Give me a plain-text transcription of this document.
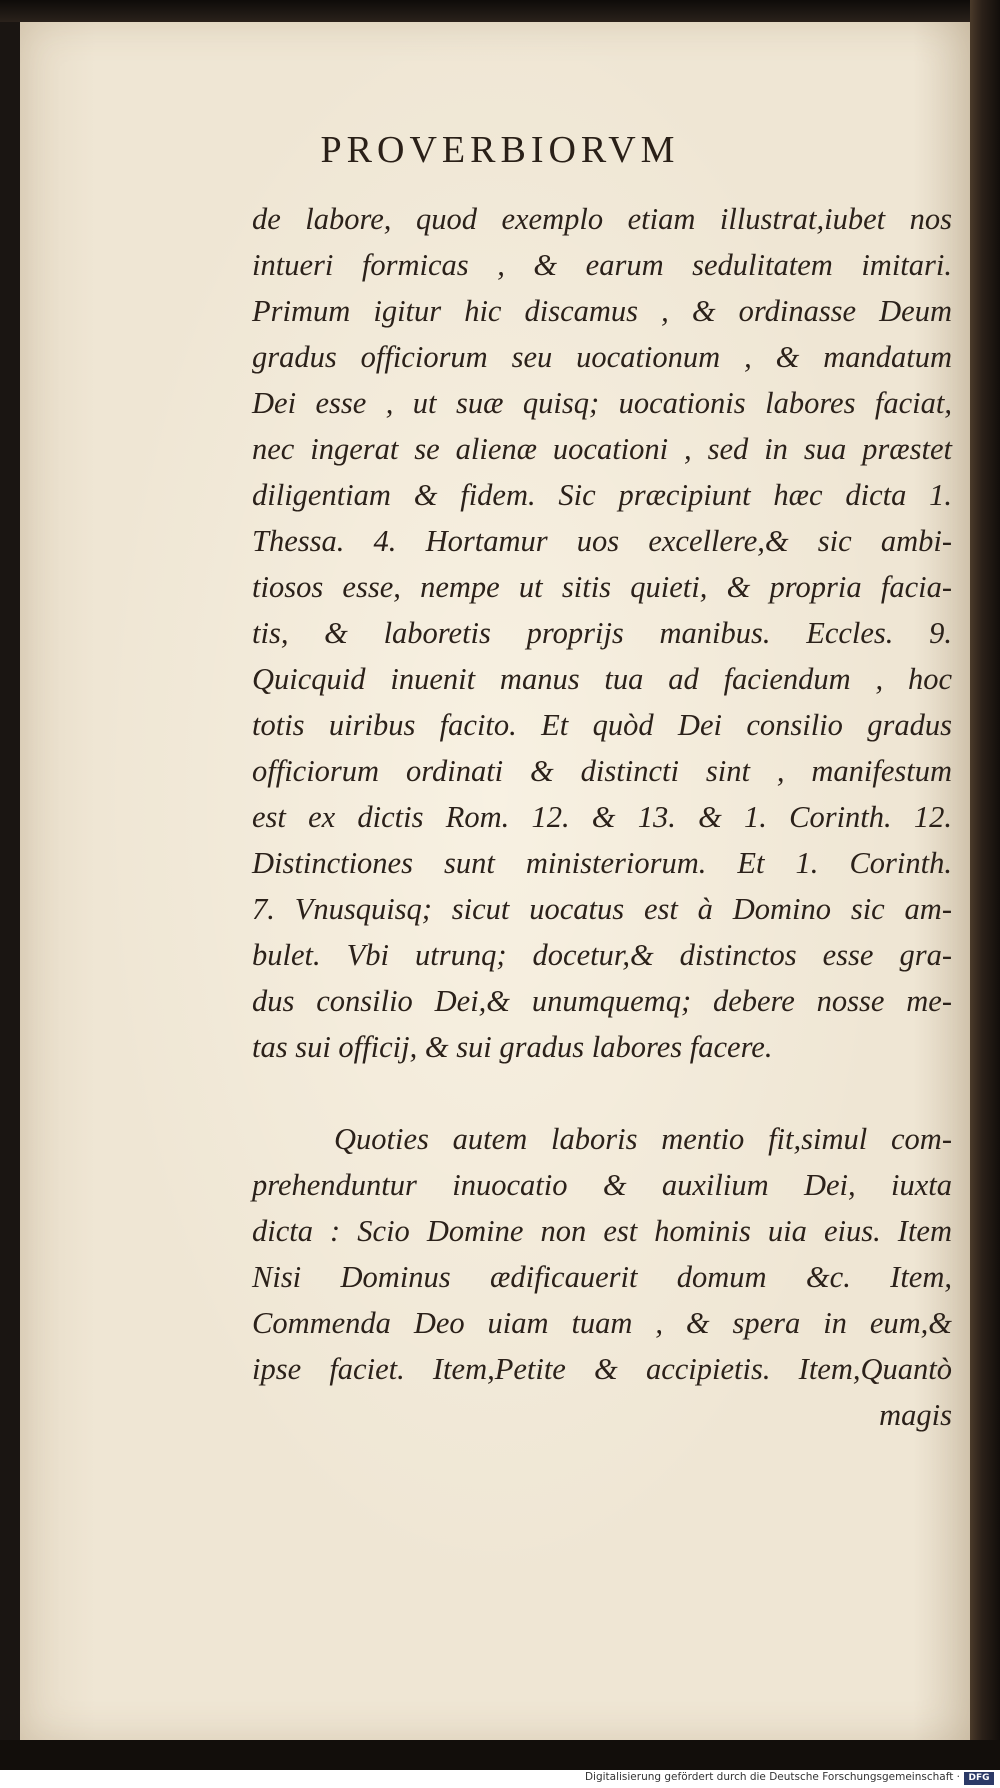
PROVERBIORVM

de labore, quod exemplo etiam illustrat,iubet nos
intueri formicas , & earum sedulitatem imitari.
Primum igitur hic discamus , & ordinasse Deum
gradus officiorum seu uocationum , & mandatum
Dei esse , ut suæ quisq; uocationis labores faciat,
nec ingerat se alienæ uocationi , sed in sua præstet
diligentiam & fidem. Sic præcipiunt hæc dicta 1.
Thessa. 4. Hortamur uos excellere,& sic ambi-
tiosos esse, nempe ut sitis quieti, & propria facia-
tis, & laboretis proprijs manibus. Eccles. 9.
Quicquid inuenit manus tua ad faciendum , hoc
totis uiribus facito. Et quòd Dei consilio gradus
officiorum ordinati & distincti sint , manifestum
est ex dictis Rom. 12. & 13. & 1. Corinth. 12.
Distinctiones sunt ministeriorum. Et 1. Corinth.
7. Vnusquisq; sicut uocatus est à Domino sic am-
bulet. Vbi utrunq; docetur,& distinctos esse gra-
dus consilio Dei,& unumquemq; debere nosse me-
tas sui officij, & sui gradus labores facere.

Quoties autem laboris mentio fit,simul com-
prehenduntur inuocatio & auxilium Dei, iuxta
dicta : Scio Domine non est hominis uia eius. Item
Nisi Dominus ædificauerit domum &c. Item,
Commenda Deo uiam tuam , & spera in eum,&
ipse faciet. Item,Petite & accipietis. Item,Quantò

magis
Digitalisierung gefördert durch die Deutsche Forschungsgemeinschaft · DFG
